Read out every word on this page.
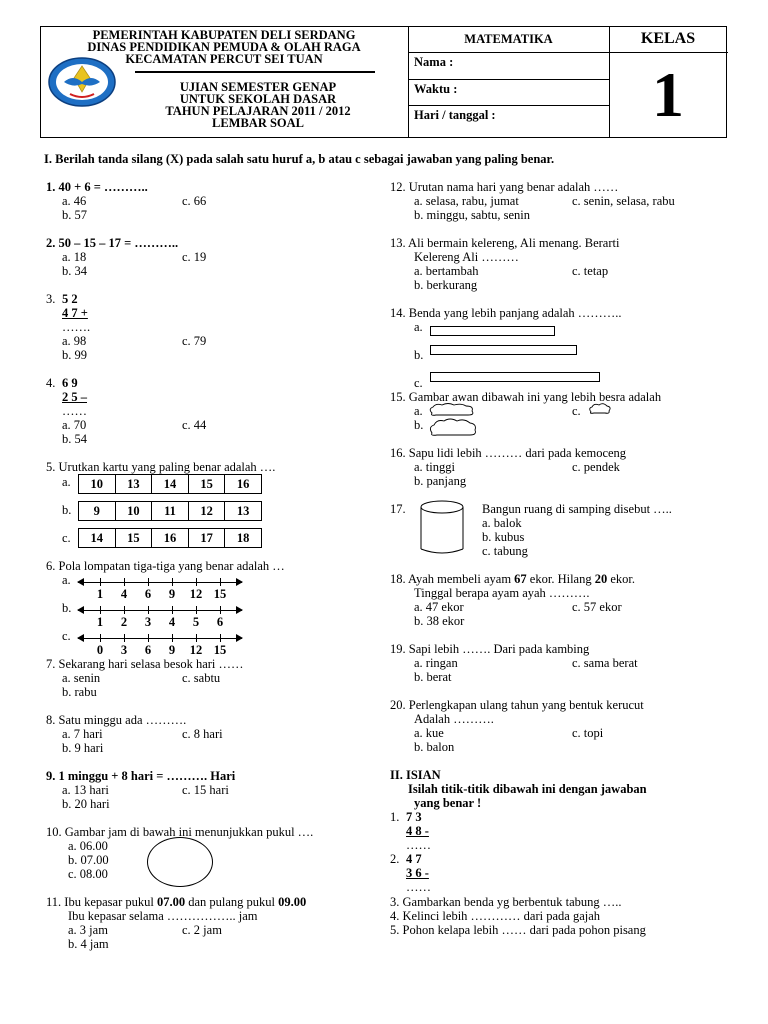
PEMERINTAH KABUPATEN DELI SERDANG
DINAS PENDIDIKAN PEMUDA & OLAH RAGA
KECAMATAN PERCUT SEI TUAN
UJIAN SEMESTER GENAP
UNTUK SEKOLAH DASAR
TAHUN PELAJARAN 2011 / 2012
LEMBAR SOAL
MATEMATIKA
Nama :
Waktu :
Hari / tanggal :
KELAS
1
I. Berilah tanda silang (X) pada salah satu huruf a, b atau c sebagai jawaban yang paling benar.
1. 40 + 6 = ………..
a. 46	c. 66
b. 57
2. 50 – 15 – 17 = ………..
a. 18	c. 19
b. 34
3. 5 2
4 7 +
…….
a. 98	c. 79
b. 99
4. 6 9
2 5 –
……
a. 70	c. 44
b. 54
5. Urutkan kartu yang paling benar adalah ….
a.	10	13	14	15	16
b.	9	10	11	12	13
c.	14	15	16	17	18
6. Pola lompatan tiga-tiga yang benar adalah …
a.
1	4	6	9	12 15
b.
1	2	3	4	5	6
c.
0	3	6	9	12 15
7. Sekarang hari selasa besok hari ……
a. senin	c. sabtu
b. rabu
8. Satu minggu ada ……….
a. 7 hari	c. 8 hari
b. 9 hari
9. 1 minggu + 8 hari = ………. Hari
a. 13 hari	c. 15 hari
b. 20 hari
10. Gambar jam di bawah ini menunjukkan pukul ….
a. 06.00
b. 07.00
c. 08.00
11. Ibu kepasar pukul 07.00 dan pulang pukul 09.00
Ibu kepasar selama …………….. jam
a. 3 jam	c. 2 jam
b. 4 jam
12. Urutan nama hari yang benar adalah ……
a. selasa, rabu, jumat	c. senin, selasa, rabu
b. minggu, sabtu, senin
13. Ali bermain kelereng, Ali menang. Berarti
Kelereng Ali ………
a. bertambah	c. tetap
b. berkurang
14. Benda yang lebih panjang adalah ………..
a.
b.
c.
15. Gambar awan dibawah ini yang lebih besra adalah
a.	c.
b.
16. Sapu lidi lebih ……… dari pada kemoceng
a. tinggi	c. pendek
b. panjang
17.	Bangun ruang di samping disebut …..
a. balok
b. kubus
c. tabung
18. Ayah membeli ayam 67 ekor. Hilang 20 ekor.
Tinggal berapa ayam ayah ……….
a. 47 ekor	c. 57 ekor
b. 38 ekor
19. Sapi lebih ……. Dari pada kambing
a. ringan	c. sama berat
b. berat
20. Perlengkapan ulang tahun yang bentuk kerucut
Adalah ……….
a. kue	c. topi
b. balon
II. ISIAN
Isilah titik-titik dibawah ini dengan jawaban
yang benar !
1. 7 3
4 8 -
……
2. 4 7
3 6 -
……
3. Gambarkan benda yg berbentuk tabung …..
4. Kelinci lebih ………… dari pada gajah
5. Pohon kelapa lebih …… dari pada pohon pisang
